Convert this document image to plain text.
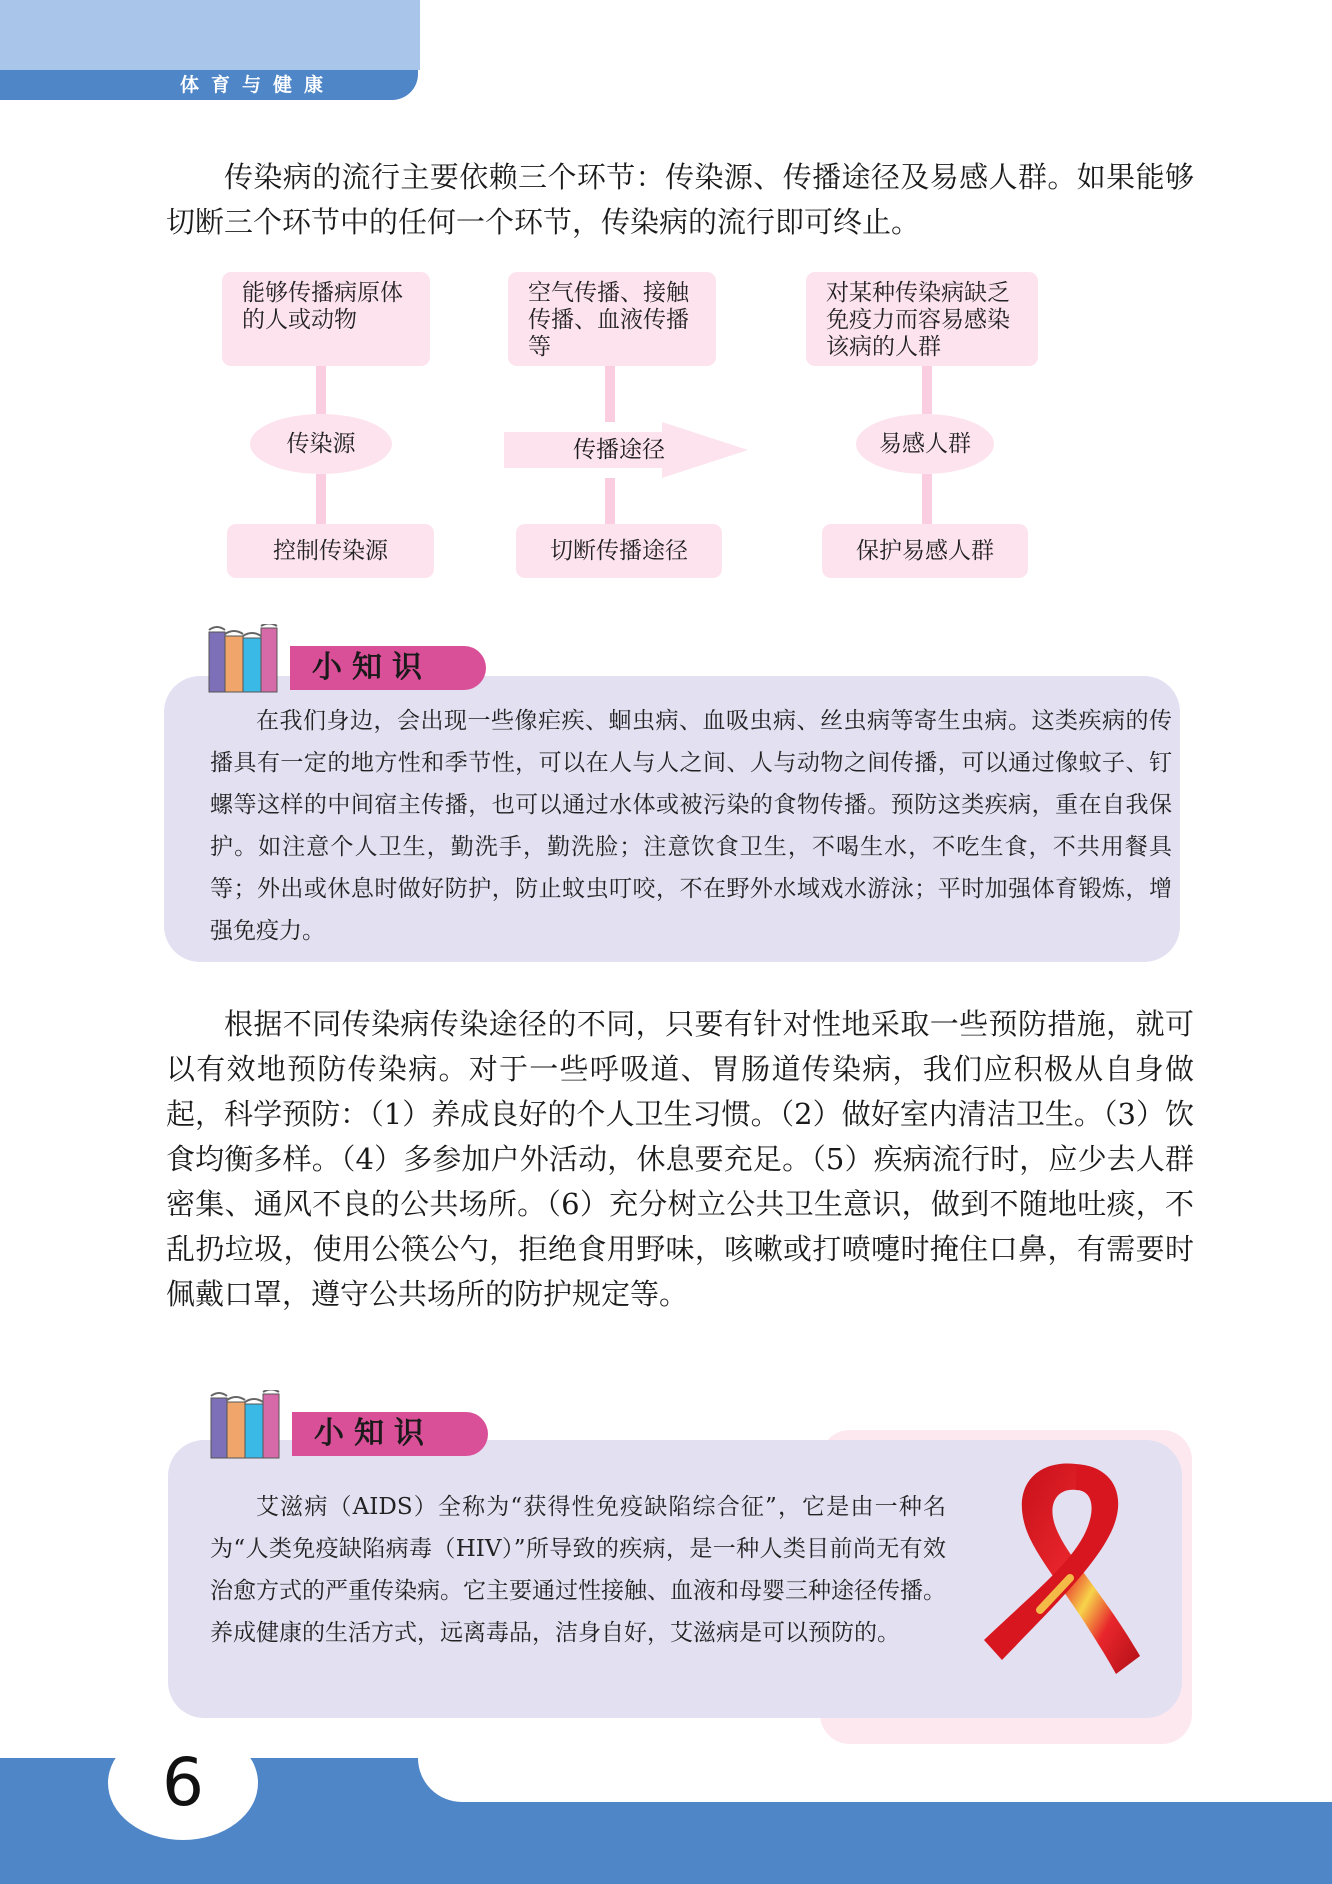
体育与健康

传染病的流行主要依赖三个环节：传染源、传播途径及易感人群。如果能够切断三个环节中的任何一个环节，传染病的流行即可终止。

能够传播病原体的人或动物
传染源
控制传染源
空气传播、接触传播、血液传播等
传播途径
切断传播途径
对某种传染病缺乏免疫力而容易感染该病的人群
易感人群
保护易感人群
小知识

在我们身边，会出现一些像疟疾、蛔虫病、血吸虫病、丝虫病等寄生虫病。这类疾病的传播具有一定的地方性和季节性，可以在人与人之间、人与动物之间传播，可以通过像蚊子、钉螺等这样的中间宿主传播，也可以通过水体或被污染的食物传播。预防这类疾病，重在自我保护。如注意个人卫生，勤洗手，勤洗脸；注意饮食卫生，不喝生水，不吃生食，不共用餐具等；外出或休息时做好防护，防止蚊虫叮咬，不在野外水域戏水游泳；平时加强体育锻炼，增强免疫力。

根据不同传染病传染途径的不同，只要有针对性地采取一些预防措施，就可以有效地预防传染病。对于一些呼吸道、胃肠道传染病，我们应积极从自身做起，科学预防：（1）养成良好的个人卫生习惯。（2）做好室内清洁卫生。（3）饮食均衡多样。（4）多参加户外活动，休息要充足。（5）疾病流行时，应少去人群密集、通风不良的公共场所。（6）充分树立公共卫生意识，做到不随地吐痰，不乱扔垃圾，使用公筷公勺，拒绝食用野味，咳嗽或打喷嚏时掩住口鼻，有需要时佩戴口罩，遵守公共场所的防护规定等。

小知识

艾滋病（AIDS）全称为“获得性免疫缺陷综合征”，它是由一种名为“人类免疫缺陷病毒（HIV）”所导致的疾病，是一种人类目前尚无有效治愈方式的严重传染病。它主要通过性接触、血液和母婴三种途径传播。养成健康的生活方式，远离毒品，洁身自好，艾滋病是可以预防的。

6
